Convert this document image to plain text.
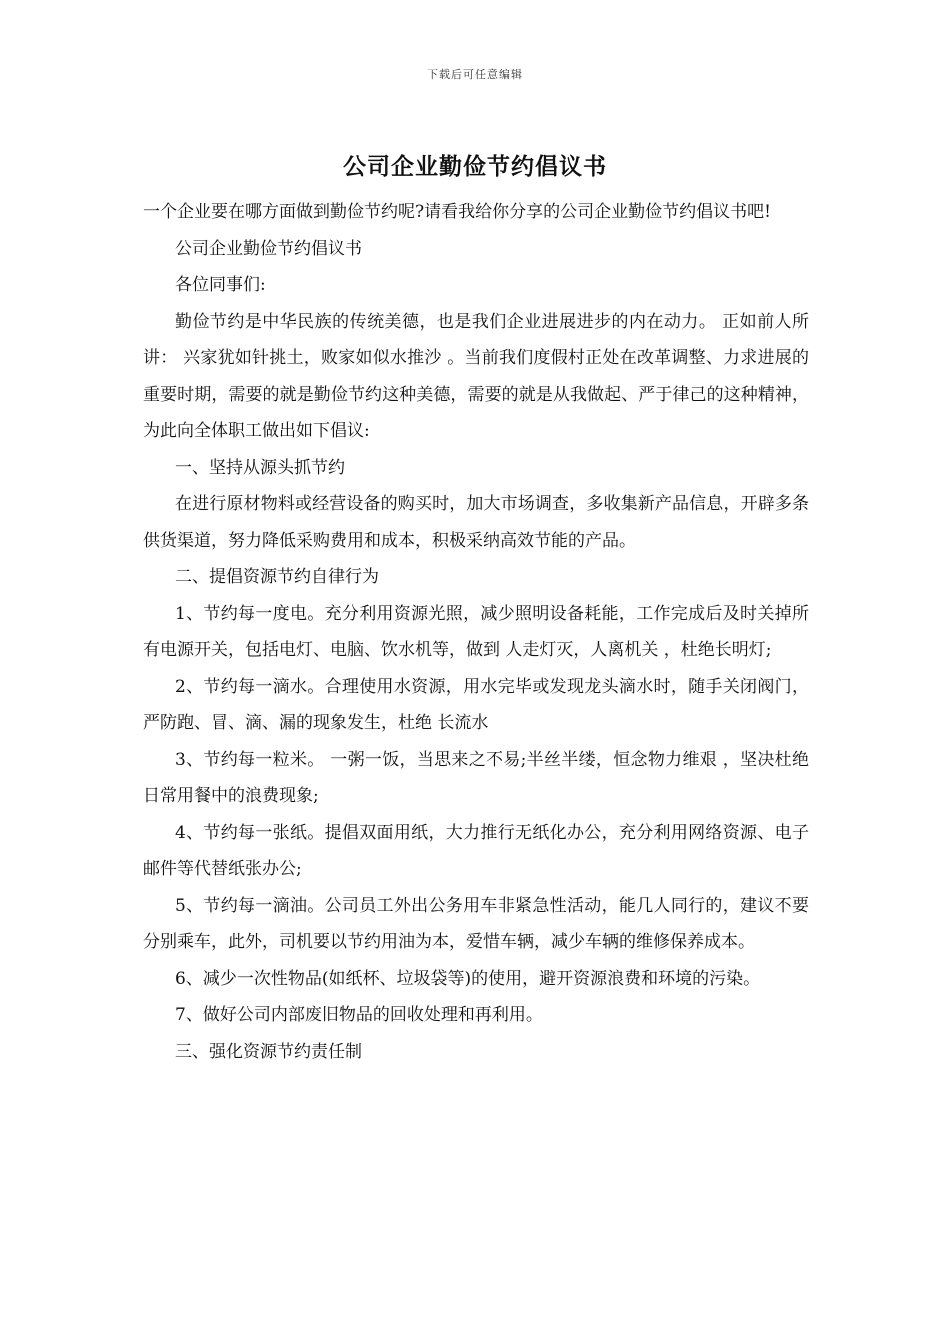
下载后可任意编辑
公司企业勤俭节约倡议书

一个企业要在哪方面做到勤俭节约呢?请看我给你分享的公司企业勤俭节约倡议书吧!

公司企业勤俭节约倡议书

各位同事们:

勤俭节约是中华民族的传统美德，也是我们企业进展进步的内在动力。 正如前人所讲： 兴家犹如针挑土，败家如似水推沙 。当前我们度假村正处在改革调整、力求进展的重要时期，需要的就是勤俭节约这种美德，需要的就是从我做起、严于律己的这种精神，为此向全体职工做出如下倡议:

一、坚持从源头抓节约

在进行原材物料或经营设备的购买时，加大市场调查，多收集新产品信息，开辟多条供货渠道，努力降低采购费用和成本，积极采纳高效节能的产品。

二、提倡资源节约自律行为

1、节约每一度电。充分利用资源光照，减少照明设备耗能，工作完成后及时关掉所有电源开关，包括电灯、电脑、饮水机等，做到 人走灯灭，人离机关 ，杜绝长明灯;

2、节约每一滴水。合理使用水资源，用水完毕或发现龙头滴水时，随手关闭阀门，严防跑、冒、滴、漏的现象发生，杜绝 长流水

3、节约每一粒米。 一粥一饭，当思来之不易;半丝半缕，恒念物力维艰 ，坚决杜绝日常用餐中的浪费现象;

4、节约每一张纸。提倡双面用纸，大力推行无纸化办公，充分利用网络资源、电子邮件等代替纸张办公;

5、节约每一滴油。公司员工外出公务用车非紧急性活动，能几人同行的，建议不要分别乘车，此外，司机要以节约用油为本，爱惜车辆，减少车辆的维修保养成本。

6、减少一次性物品(如纸杯、垃圾袋等)的使用，避开资源浪费和环境的污染。

7、做好公司内部废旧物品的回收处理和再利用。

三、强化资源节约责任制
